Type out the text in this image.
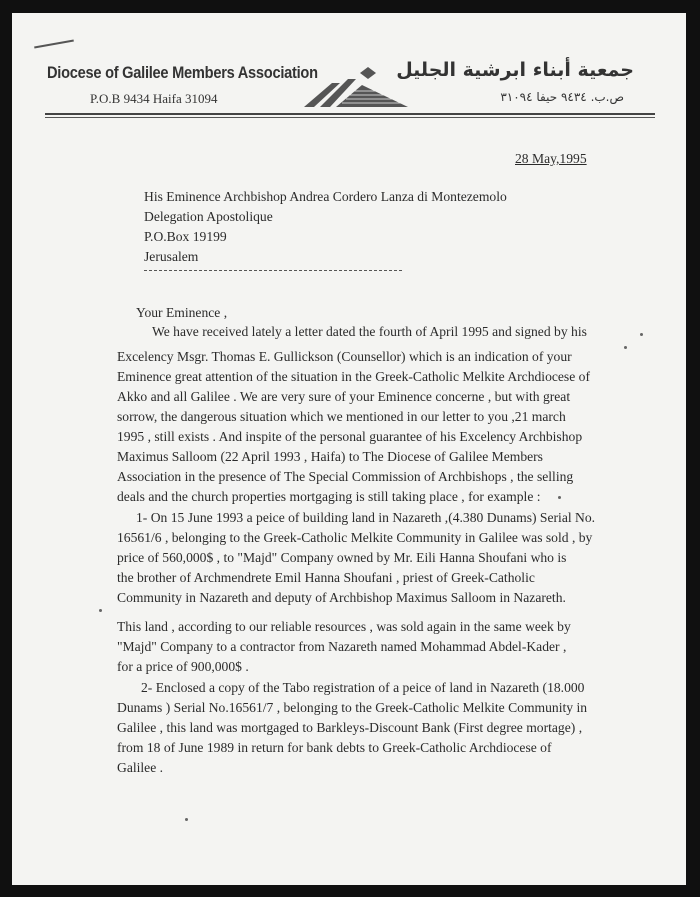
Diocese of Galilee Members Association
P.O.B 9434 Haifa 31094
جمعية أبناء ابرشية الجليل
ص.ب. ٩٤٣٤ حيفا ٣١٠٩٤
28 May,1995
His Eminence Archbishop Andrea Cordero Lanza di Montezemolo
Delegation Apostolique
P.O.Box 19199
Jerusalem
Your Eminence ,
We have received lately a letter dated the fourth of April 1995 and signed by his
Excelency Msgr. Thomas E. Gullickson (Counsellor) which is an indication of your
Eminence great attention of the situation in the Greek-Catholic Melkite Archdiocese of
Akko and all Galilee . We are very sure of your Eminence concerne , but with great
sorrow, the dangerous situation which we mentioned in our letter to you ,21 march
1995 , still exists . And inspite of the personal guarantee of his Excelency Archbishop
Maximus Salloom (22 April 1993 , Haifa) to The Diocese of Galilee Members
Association in the presence of The Special Commission of Archbishops , the selling
deals and the church properties mortgaging is still taking place , for example :
1- On 15 June 1993 a peice of building land in Nazareth ,(4.380 Dunams) Serial No.
16561/6 , belonging to the Greek-Catholic Melkite Community in Galilee was sold , by
price of 560,000$ , to "Majd" Company owned by Mr. Eili Hanna Shoufani who is
the brother of Archmendrete Emil Hanna Shoufani , priest of Greek-Catholic
Community in Nazareth and deputy of Archbishop Maximus Salloom in Nazareth.
This land , according to our reliable resources , was sold again in the same week by
"Majd" Company to a contractor from Nazareth named Mohammad Abdel-Kader ,
for a price of 900,000$ .
2- Enclosed a copy of the Tabo registration of a peice of land in Nazareth (18.000
Dunams ) Serial No.16561/7 , belonging to the Greek-Catholic Melkite Community in
Galilee , this land was mortgaged to Barkleys-Discount Bank (First degree mortage) ,
from 18 of June 1989 in return for bank debts to Greek-Catholic Archdiocese of
Galilee .
